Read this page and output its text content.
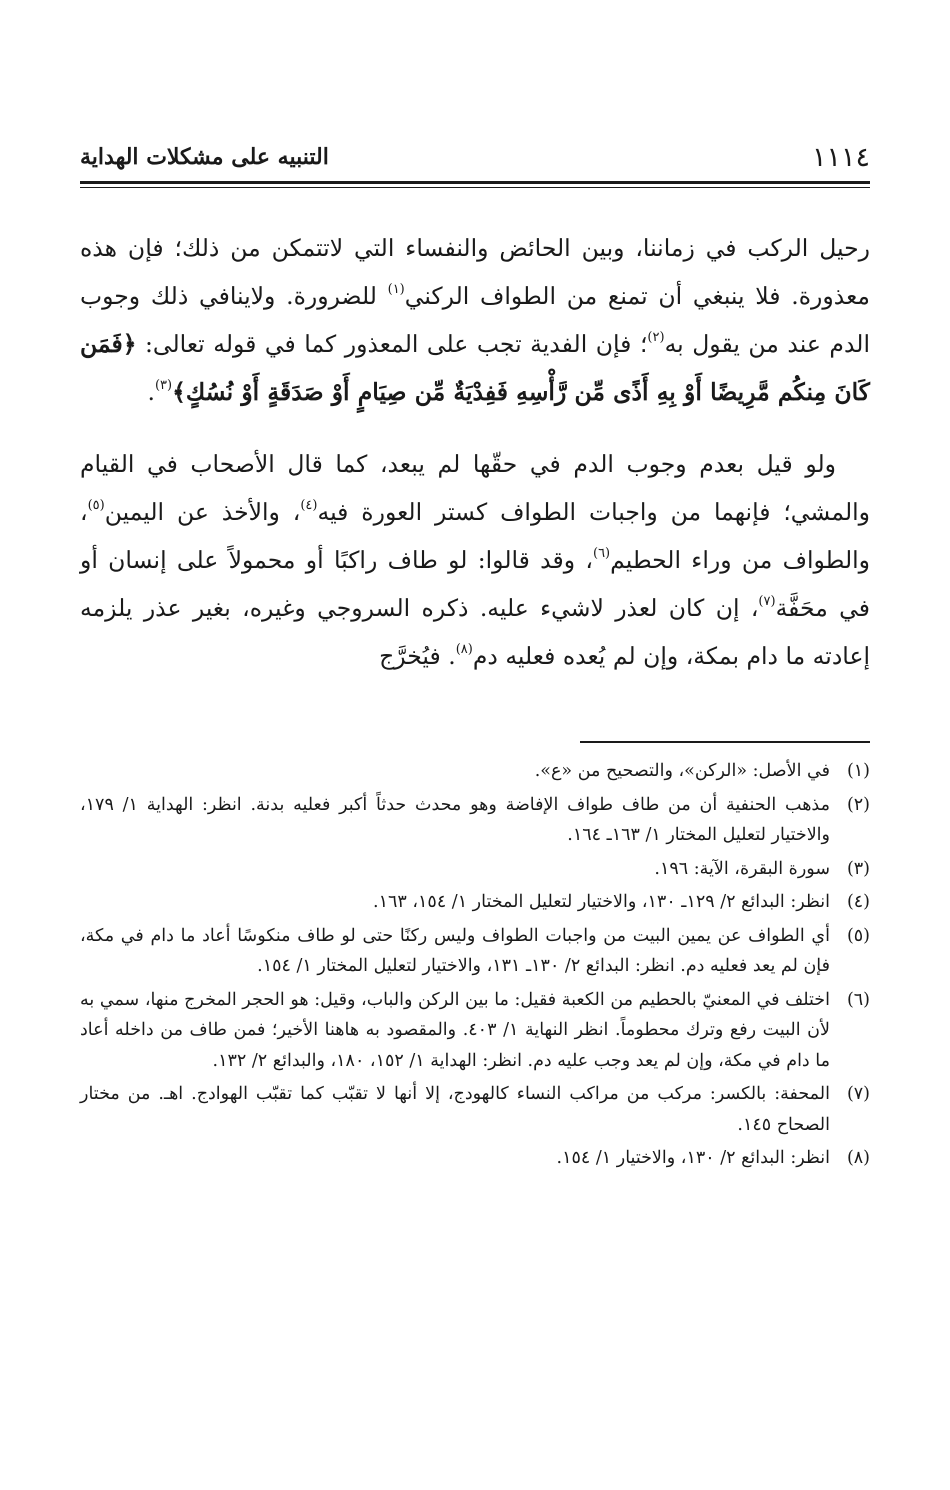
١١١٤
التنبيه على مشكلات الهداية

رحيل الركب في زماننا، وبين الحائض والنفساء التي لاتتمكن من ذلك؛ فإن هذه معذورة. فلا ينبغي أن تمنع من الطواف الركني$^{(١)}$ للضرورة. ولاينافي ذلك وجوب الدم عند من يقول به$^{(٢)}$؛ فإن الفدية تجب على المعذور كما في قوله تعالى: ﴿فَمَن كَانَ مِنكُم مَّرِيضًا أَوْ بِهِ أَذًى مِّن رَّأْسِهِ فَفِدْيَةٌ مِّن صِيَامٍ أَوْ صَدَقَةٍ أَوْ نُسُكٍ﴾$^{(٣)}$.

ولو قيل بعدم وجوب الدم في حقّها لم يبعد، كما قال الأصحاب في القيام والمشي؛ فإنهما من واجبات الطواف كستر العورة فيه$^{(٤)}$، والأخذ عن اليمين$^{(٥)}$، والطواف من وراء الحطيم$^{(٦)}$، وقد قالوا: لو طاف راكبًا أو محمولاً على إنسان أو في محَفَّة$^{(٧)}$، إن كان لعذر لاشيء عليه. ذكره السروجي وغيره، بغير عذر يلزمه إعادته ما دام بمكة، وإن لم يُعده فعليه دم$^{(٨)}$. فيُخرَّج

(١)
في الأصل: «الركن»، والتصحيح من «ع».
(٢)
مذهب الحنفية أن من طاف طواف الإفاضة وهو محدث حدثاً أكبر فعليه بدنة. انظر: الهداية ١/ ١٧٩، والاختيار لتعليل المختار ١/ ١٦٣ـ ١٦٤.
(٣)
سورة البقرة، الآية: ١٩٦.
(٤)
انظر: البدائع ٢/ ١٢٩ـ ١٣٠، والاختيار لتعليل المختار ١/ ١٥٤، ١٦٣.
(٥)
أي الطواف عن يمين البيت من واجبات الطواف وليس ركنًا حتى لو طاف منكوسًا أعاد ما دام في مكة، فإن لم يعد فعليه دم. انظر: البدائع ٢/ ١٣٠ـ ١٣١، والاختيار لتعليل المختار ١/ ١٥٤.
(٦)
اختلف في المعنيّ بالحطيم من الكعبة فقيل: ما بين الركن والباب، وقيل: هو الحجر المخرج منها، سمي به لأن البيت رفع وترك محطوماً. انظر النهاية ١/ ٤٠٣. والمقصود به هاهنا الأخير؛ فمن طاف من داخله أعاد ما دام في مكة، وإن لم يعد وجب عليه دم. انظر: الهداية ١/ ١٥٢، ١٨٠، والبدائع ٢/ ١٣٢.
(٧)
المحفة: بالكسر: مركب من مراكب النساء كالهودج، إلا أنها لا تقبّب كما تقبّب الهوادج. اهـ. من مختار الصحاح ١٤٥.
(٨)
انظر: البدائع ٢/ ١٣٠، والاختيار ١/ ١٥٤.
